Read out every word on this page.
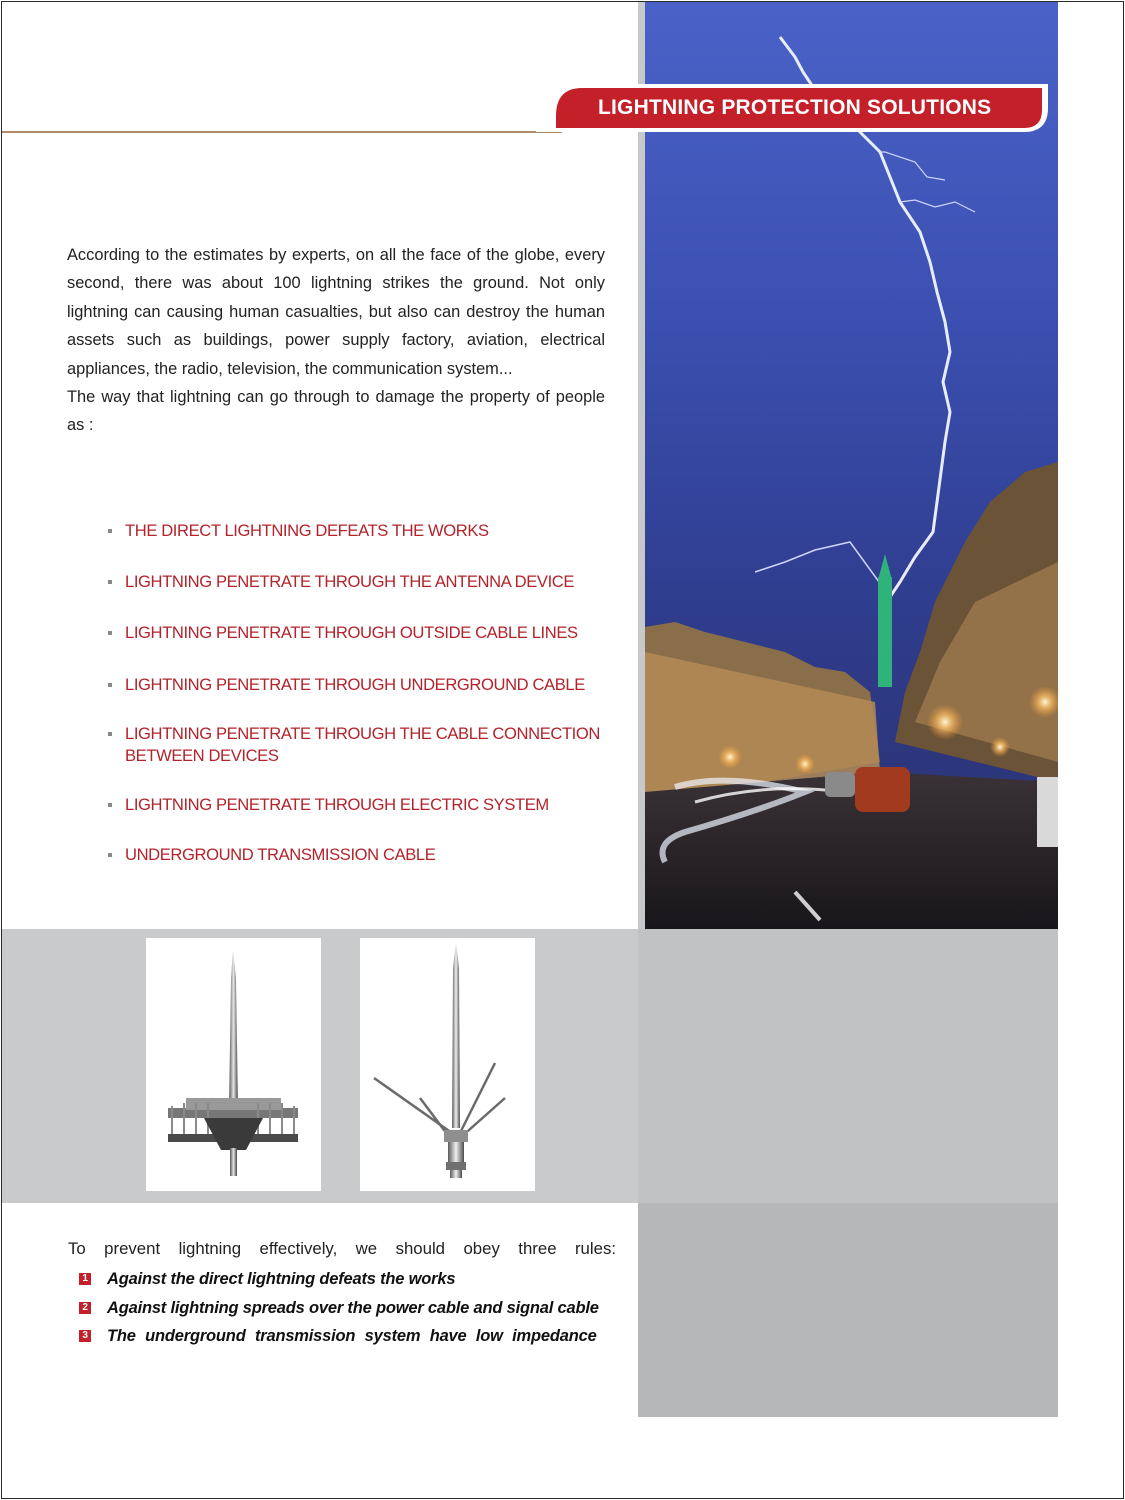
LIGHTNING PROTECTION SOLUTIONS

According to the estimates by experts, on all the face of the globe, every second, there was about 100 lightning strikes the ground. Not only lightning can causing human casualties, but also can destroy the human assets such as buildings, power supply factory, aviation, electrical appliances, the radio, television, the communication system...

The way that lightning can go through to damage the property of people as :

THE DIRECT LIGHTNING DEFEATS THE WORKS
LIGHTNING PENETRATE THROUGH THE ANTENNA DEVICE
LIGHTNING PENETRATE THROUGH OUTSIDE CABLE LINES
LIGHTNING PENETRATE THROUGH UNDERGROUND CABLE
LIGHTNING PENETRATE THROUGH THE CABLE CONNECTION BETWEEN DEVICES
LIGHTNING PENETRATE THROUGH ELECTRIC SYSTEM
UNDERGROUND TRANSMISSION CABLE
To prevent lightning effectively, we should obey three rules:
1 Against the direct lightning defeats the works
2 Against lightning spreads over the power cable and signal cable
3 The underground transmission system have low impedance
